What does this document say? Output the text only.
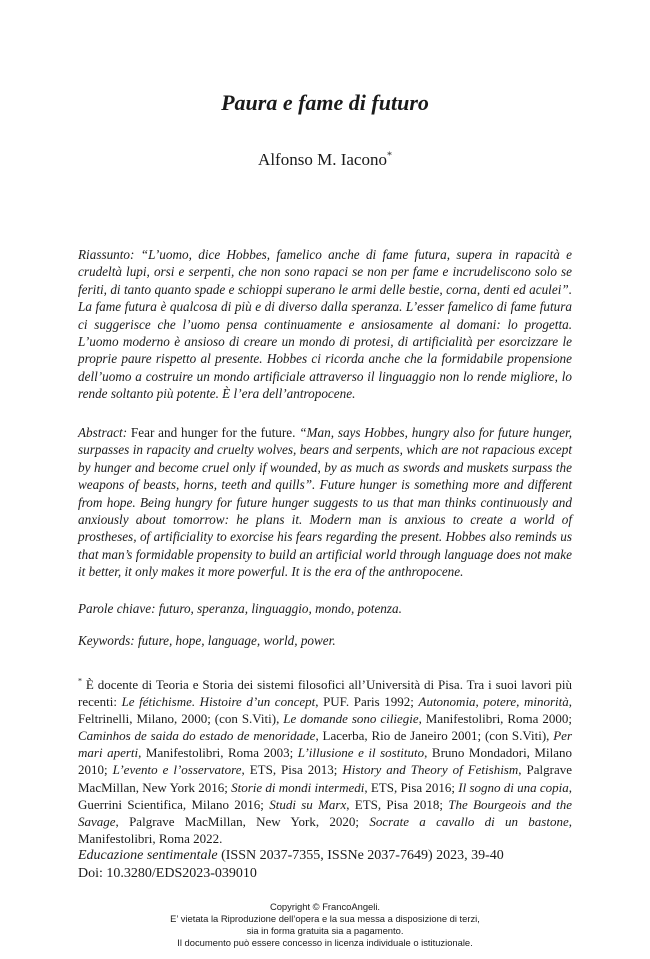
Paura e fame di futuro
Alfonso M. Iacono*
Riassunto: “L’uomo, dice Hobbes, famelico anche di fame futura, supera in rapacità e crudeltà lupi, orsi e serpenti, che non sono rapaci se non per fame e incrudeliscono solo se feriti, di tanto quanto spade e schioppi superano le armi delle bestie, corna, denti ed aculei”. La fame futura è qualcosa di più e di diverso dalla speranza. L’esser famelico di fame futura ci suggerisce che l’uomo pensa continuamente e ansiosamente al domani: lo progetta. L’uomo moderno è ansioso di creare un mondo di protesi, di artificialità per esorcizzare le proprie paure rispetto al presente. Hobbes ci ricorda anche che la formidabile propensione dell’uomo a costruire un mondo artificiale attraverso il linguaggio non lo rende migliore, lo rende soltanto più potente. È l’era dell’antropocene.
Abstract: Fear and hunger for the future. “Man, says Hobbes, hungry also for future hunger, surpasses in rapacity and cruelty wolves, bears and serpents, which are not rapacious except by hunger and become cruel only if wounded, by as much as swords and muskets surpass the weapons of beasts, horns, teeth and quills”. Future hunger is something more and different from hope. Being hungry for future hunger suggests to us that man thinks continuously and anxiously about tomorrow: he plans it. Modern man is anxious to create a world of prostheses, of artificiality to exorcise his fears regarding the present. Hobbes also reminds us that man’s formidable propensity to build an artificial world through language does not make it better, it only makes it more powerful. It is the era of the anthropocene.
Parole chiave: futuro, speranza, linguaggio, mondo, potenza.
Keywords: future, hope, language, world, power.
* È docente di Teoria e Storia dei sistemi filosofici all’Università di Pisa. Tra i suoi lavori più recenti: Le fétichisme. Histoire d’un concept, PUF. Paris 1992; Autonomia, potere, minorità, Feltrinelli, Milano, 2000; (con S.Viti), Le domande sono ciliegie, Manifestolibri, Roma 2000; Caminhos de saida do estado de menoridade, Lacerba, Rio de Janeiro 2001; (con S.Viti), Per mari aperti, Manifestolibri, Roma 2003; L’illusione e il sostituto, Bruno Mondadori, Milano 2010; L’evento e l’osservatore, ETS, Pisa 2013; History and Theory of Fetishism, Palgrave MacMillan, New York 2016; Storie di mondi intermedi, ETS, Pisa 2016; Il sogno di una copia, Guerrini Scientifica, Milano 2016; Studi su Marx, ETS, Pisa 2018; The Bourgeois and the Savage, Palgrave MacMillan, New York, 2020; Socrate a cavallo di un bastone, Manifestolibri, Roma 2022.
Educazione sentimentale (ISSN 2037-7355, ISSNe 2037-7649) 2023, 39-40
Doi: 10.3280/EDS2023-039010
Copyright © FrancoAngeli.
E’ vietata la Riproduzione dell’opera e la sua messa a disposizione di terzi,
sia in forma gratuita sia a pagamento.
Il documento può essere concesso in licenza individuale o istituzionale.
